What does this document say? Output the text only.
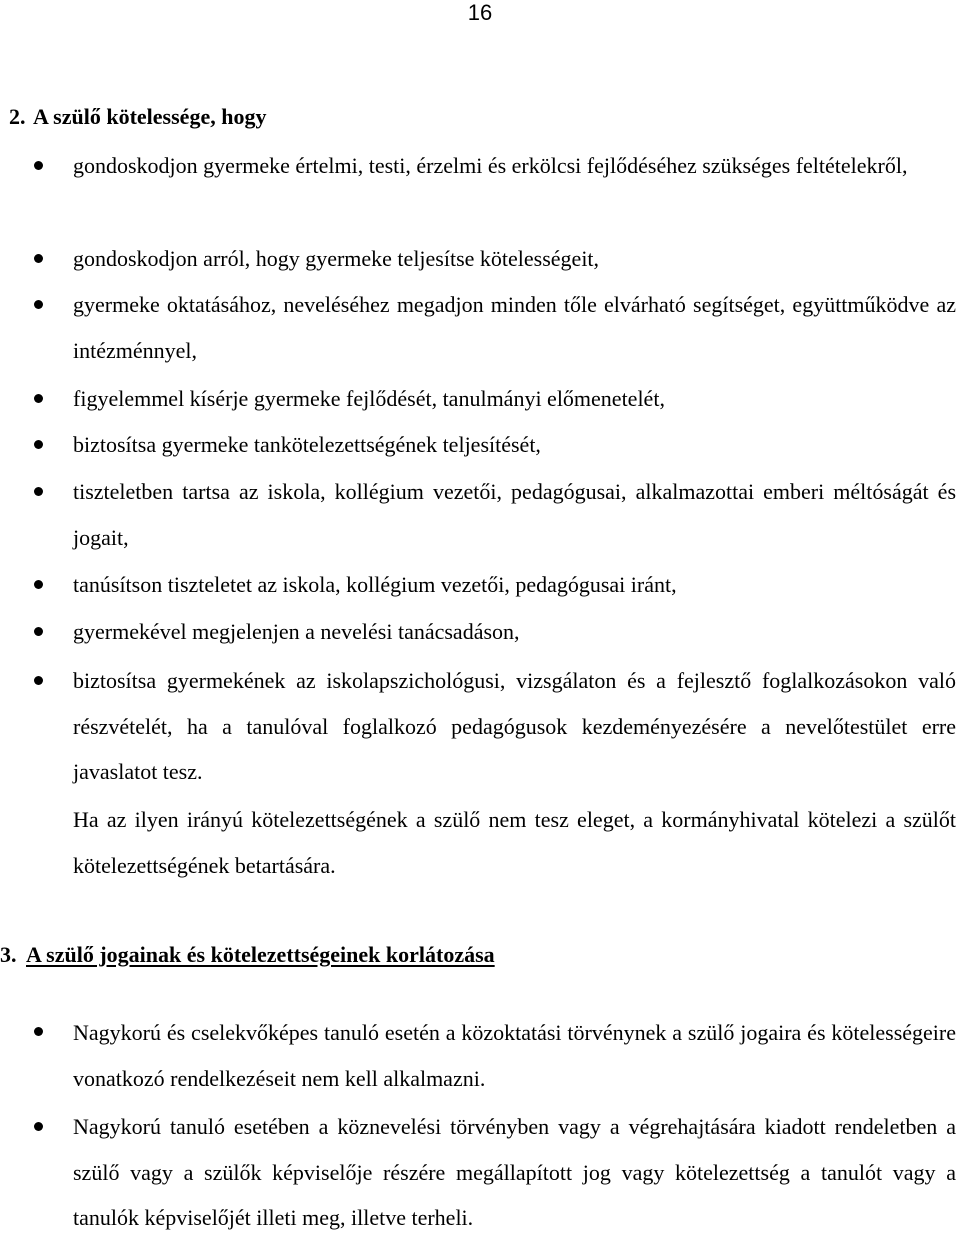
16
2. A szülő kötelessége, hogy
gondoskodjon gyermeke értelmi, testi, érzelmi és erkölcsi fejlődéséhez szükséges feltételekről,
gondoskodjon arról, hogy gyermeke teljesítse kötelességeit,
gyermeke oktatásához, neveléséhez megadjon minden tőle elvárható segítséget, együttműködve az intézménnyel,
figyelemmel kísérje gyermeke fejlődését, tanulmányi előmenetelét,
biztosítsa gyermeke tankötelezettségének teljesítését,
tiszteletben tartsa az iskola, kollégium vezetői, pedagógusai, alkalmazottai emberi méltóságát és jogait,
tanúsítson tiszteletet az iskola, kollégium vezetői, pedagógusai iránt,
gyermekével megjelenjen a nevelési tanácsadáson,
biztosítsa gyermekének az iskolapszichológusi, vizsgálaton és a fejlesztő foglalkozásokon való részvételét, ha a tanulóval foglalkozó pedagógusok kezdeményezésére a nevelőtestület erre javaslatot tesz.
Ha az ilyen irányú kötelezettségének a szülő nem tesz eleget, a kormányhivatal kötelezi a szülőt kötelezettségének betartására.
3. A szülő jogainak és kötelezettségeinek korlátozása
Nagykorú és cselekvőképes tanuló esetén a közoktatási törvénynek a szülő jogaira és kötelességeire vonatkozó rendelkezéseit nem kell alkalmazni.
Nagykorú tanuló esetében a köznevelési törvényben vagy a végrehajtására kiadott rendeletben a szülő vagy a szülők képviselője részére megállapított jog vagy kötelezettség a tanulót vagy a tanulók képviselőjét illeti meg, illetve terheli.
